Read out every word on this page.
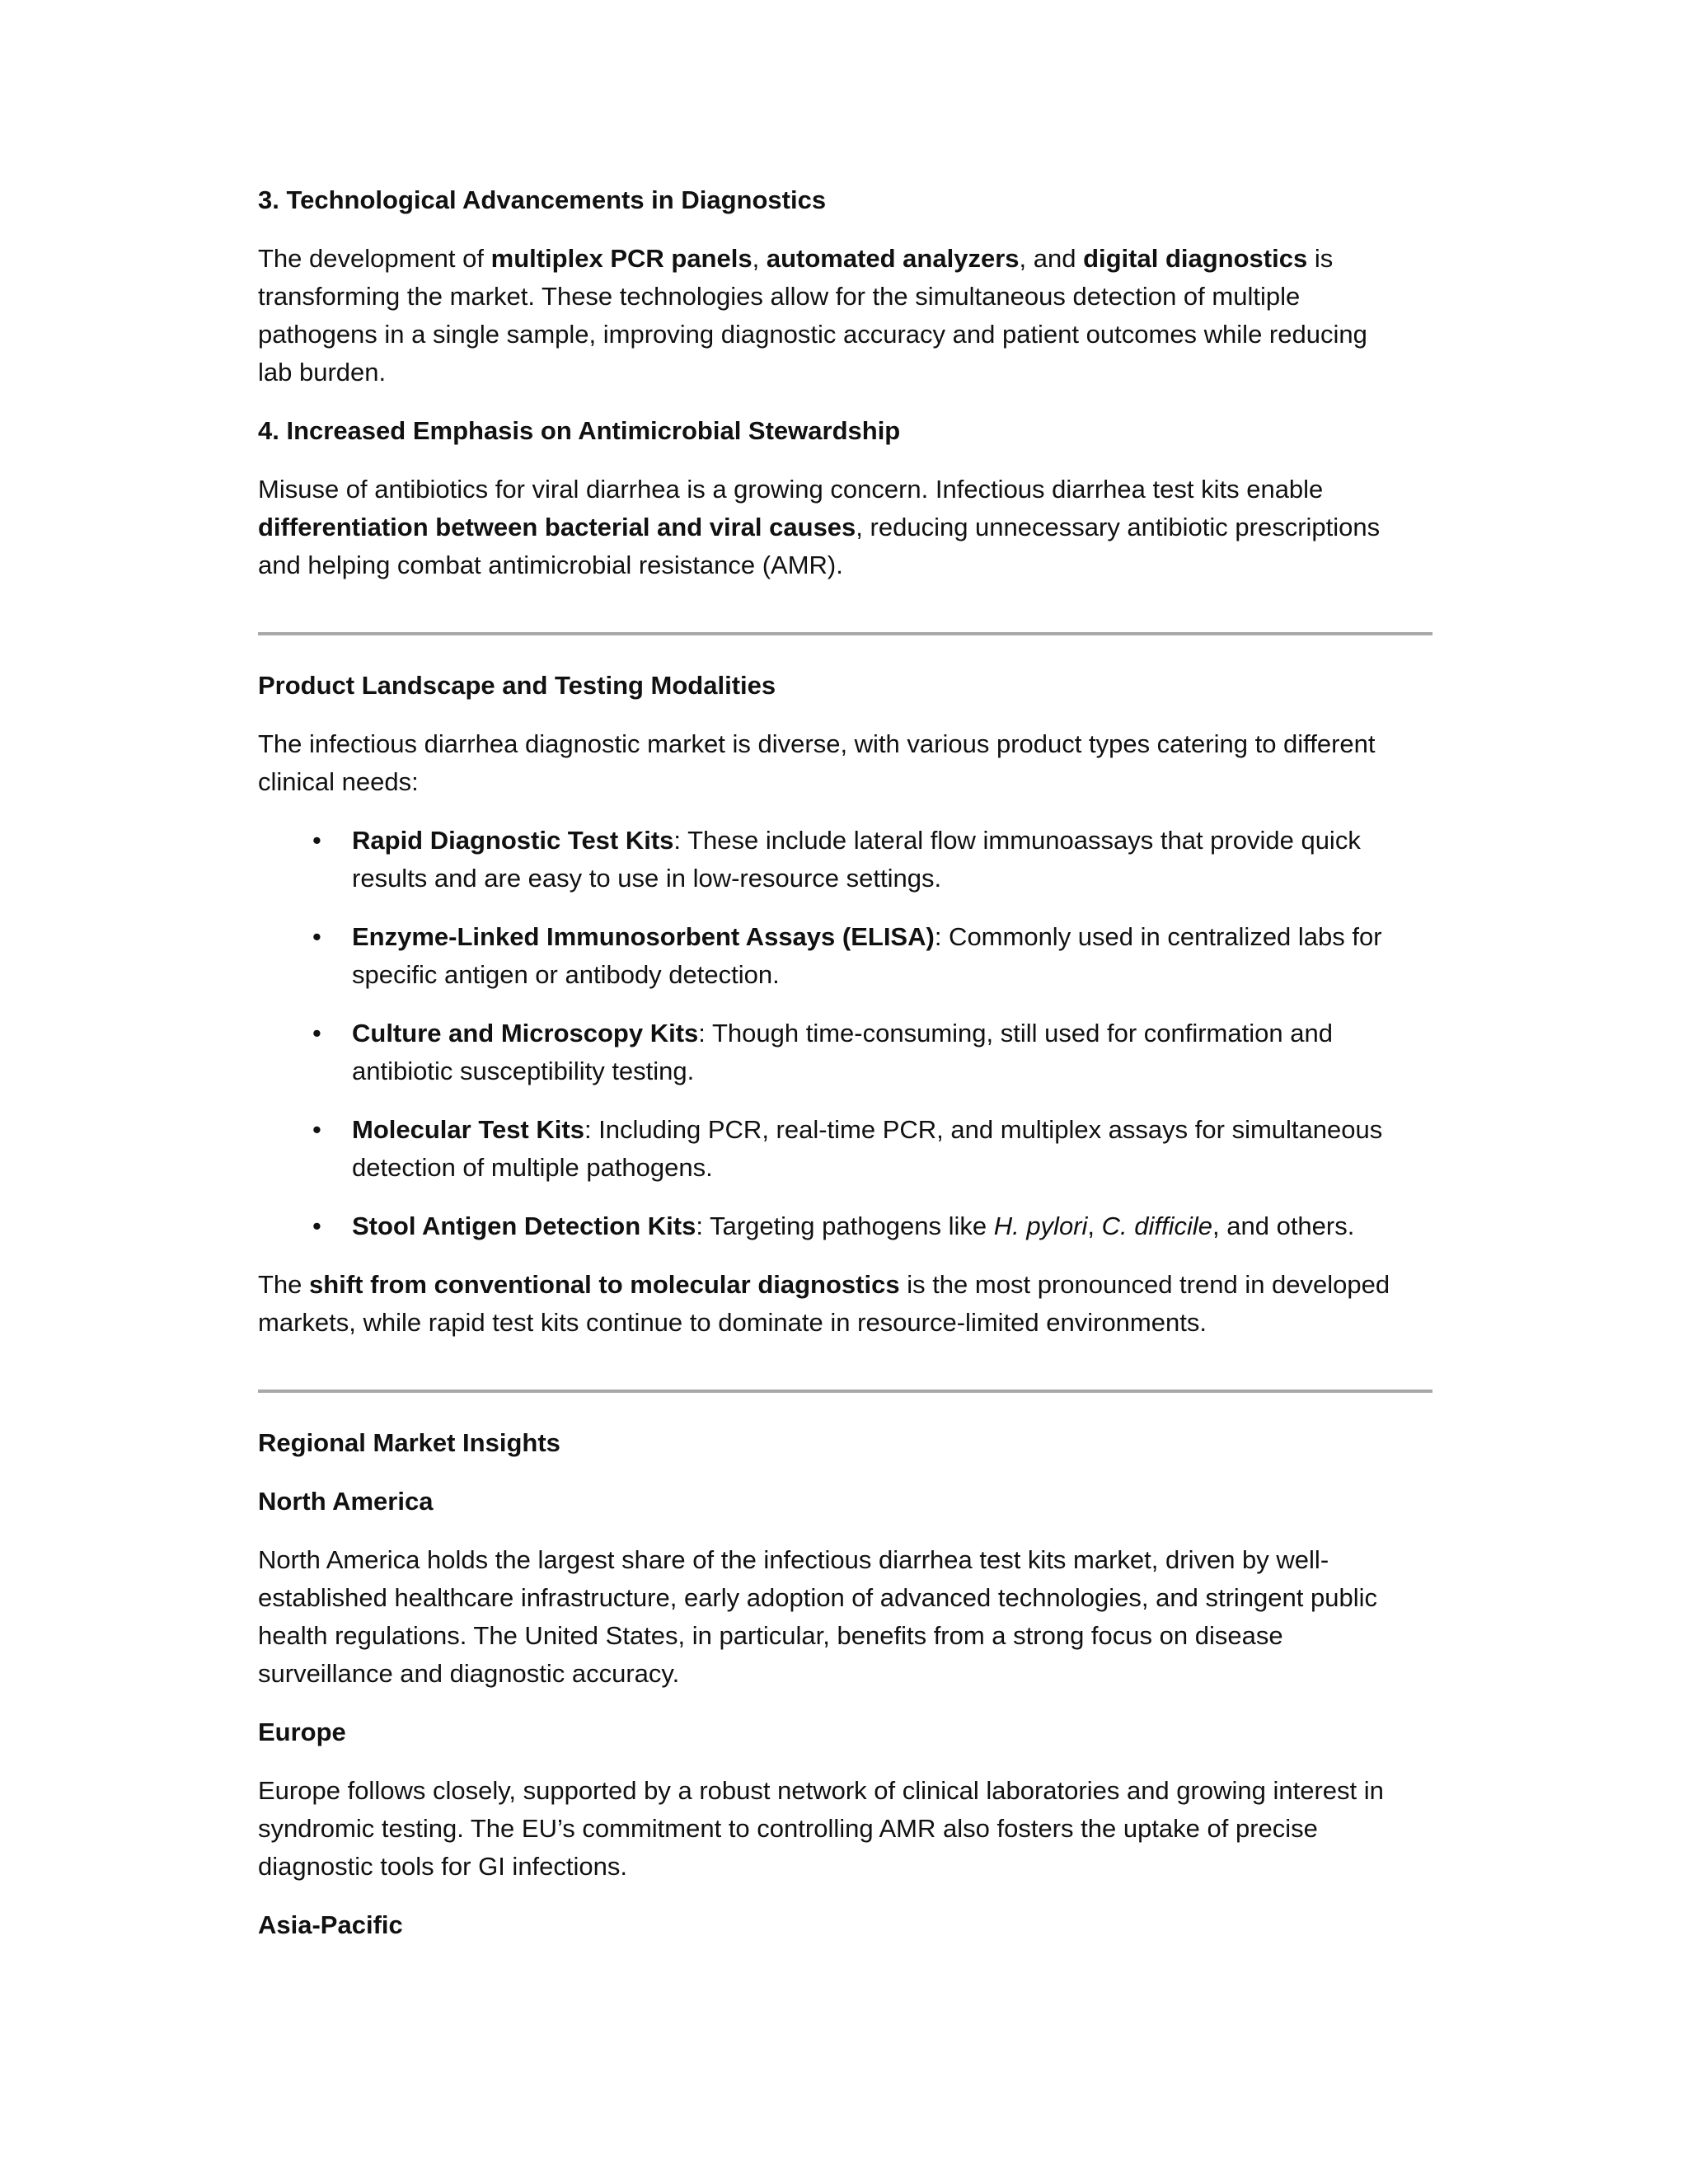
3. Technological Advancements in Diagnostics

The development of multiplex PCR panels, automated analyzers, and digital diagnostics is

transforming the market. These technologies allow for the simultaneous detection of multiple

pathogens in a single sample, improving diagnostic accuracy and patient outcomes while reducing

lab burden.

4. Increased Emphasis on Antimicrobial Stewardship

Misuse of antibiotics for viral diarrhea is a growing concern. Infectious diarrhea test kits enable

differentiation between bacterial and viral causes, reducing unnecessary antibiotic prescriptions

and helping combat antimicrobial resistance (AMR).

Product Landscape and Testing Modalities

The infectious diarrhea diagnostic market is diverse, with various product types catering to different

clinical needs:

• Rapid Diagnostic Test Kits: These include lateral flow immunoassays that provide quick

results and are easy to use in low-resource settings.

• Enzyme-Linked Immunosorbent Assays (ELISA): Commonly used in centralized labs for

specific antigen or antibody detection.

• Culture and Microscopy Kits: Though time-consuming, still used for confirmation and

antibiotic susceptibility testing.

• Molecular Test Kits: Including PCR, real-time PCR, and multiplex assays for simultaneous

detection of multiple pathogens.

• Stool Antigen Detection Kits: Targeting pathogens like H. pylori, C. difficile, and others.

The shift from conventional to molecular diagnostics is the most pronounced trend in developed

markets, while rapid test kits continue to dominate in resource-limited environments.

Regional Market Insights

North America

North America holds the largest share of the infectious diarrhea test kits market, driven by well-

established healthcare infrastructure, early adoption of advanced technologies, and stringent public

health regulations. The United States, in particular, benefits from a strong focus on disease

surveillance and diagnostic accuracy.

Europe

Europe follows closely, supported by a robust network of clinical laboratories and growing interest in

syndromic testing. The EU’s commitment to controlling AMR also fosters the uptake of precise

diagnostic tools for GI infections.

Asia-Pacific
